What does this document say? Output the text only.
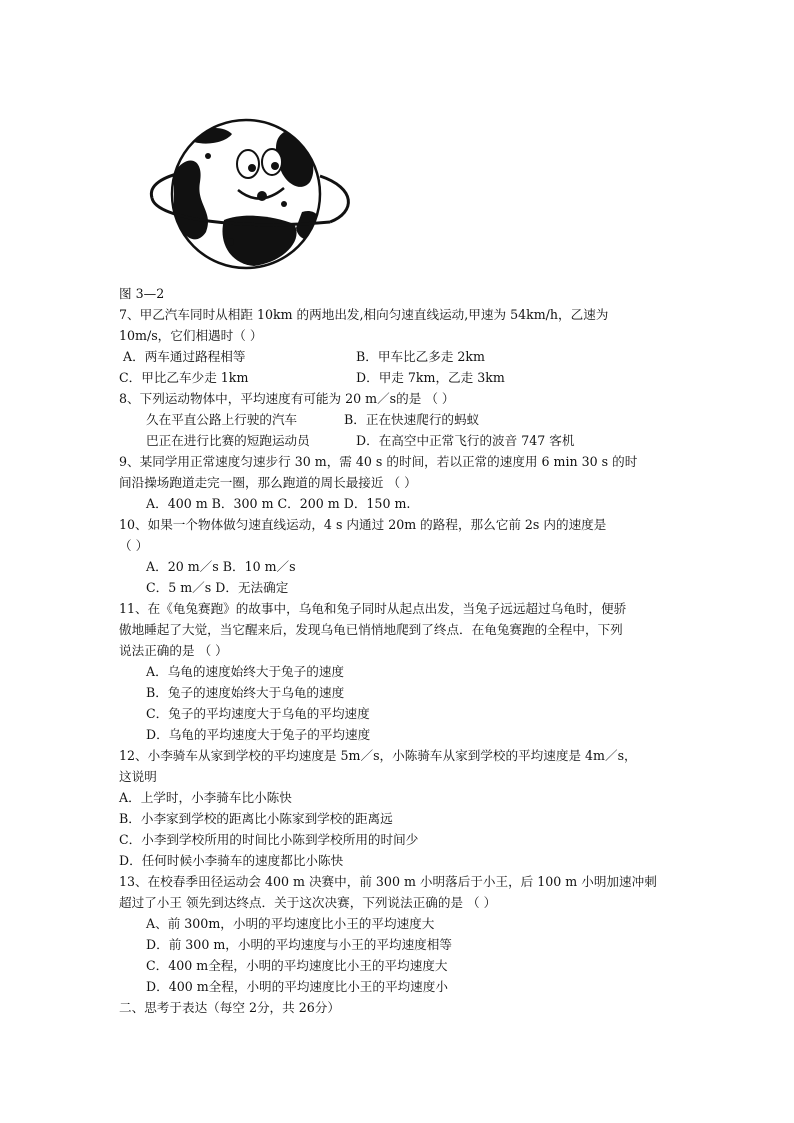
图 3—2
7、甲乙汽车同时从相距 10km 的两地出发,相向匀速直线运动,甲速为 54km/h，乙速为
10m/s，它们相遇时（ ）
A．两车通过路程相等	B．甲车比乙多走 2km
C．甲比乙车少走 1km	D．甲走 7km，乙走 3km
8、下列运动物体中，平均速度有可能为 20 m／s的是 （ ）
久在平直公路上行驶的汽车	B．正在快速爬行的蚂蚁
巴正在进行比赛的短跑运动员	D．在高空中正常飞行的波音 747 客机
9、某同学用正常速度匀速步行 30 m，需 40 s 的时间，若以正常的速度用 6 min 30 s 的时
间沿操场跑道走完一圈，那么跑道的周长最接近 （ ）
A．400 m B．300 m C．200 m D．150 m.
10、如果一个物体做匀速直线运动，4 s 内通过 20m 的路程，那么它前 2s 内的速度是
（ ）
A．20 m／s B．10 m／s
C．5 m／s D．无法确定
11、在《龟兔赛跑》的故事中，乌龟和兔子同时从起点出发，当兔子远远超过乌龟时，便骄
傲地睡起了大觉，当它醒来后，发现乌龟已悄悄地爬到了终点．在龟兔赛跑的全程中，下列
说法正确的是 （ ）
A．乌龟的速度始终大于兔子的速度
B．兔子的速度始终大于乌龟的速度
C．兔子的平均速度大于乌龟的平均速度
D．乌龟的平均速度大于兔子的平均速度
12、小李骑车从家到学校的平均速度是 5m／s，小陈骑车从家到学校的平均速度是 4m／s，
这说明
A．上学时，小李骑车比小陈快
B．小李家到学校的距离比小陈家到学校的距离远
C．小李到学校所用的时间比小陈到学校所用的时间少
D．任何时候小李骑车的速度都比小陈快
13、在校春季田径运动会 400 m 决赛中，前 300 m 小明落后于小王，后 100 m 小明加速冲刺
超过了小王 领先到达终点．关于这次决赛，下列说法正确的是 （ ）
A、前 300m，小明的平均速度比小王的平均速度大
D．前 300 m，小明的平均速度与小王的平均速度相等
C．400 m全程，小明的平均速度比小王的平均速度大
D．400 m全程，小明的平均速度比小王的平均速度小
二、思考于表达（每空 2分，共 26分）
